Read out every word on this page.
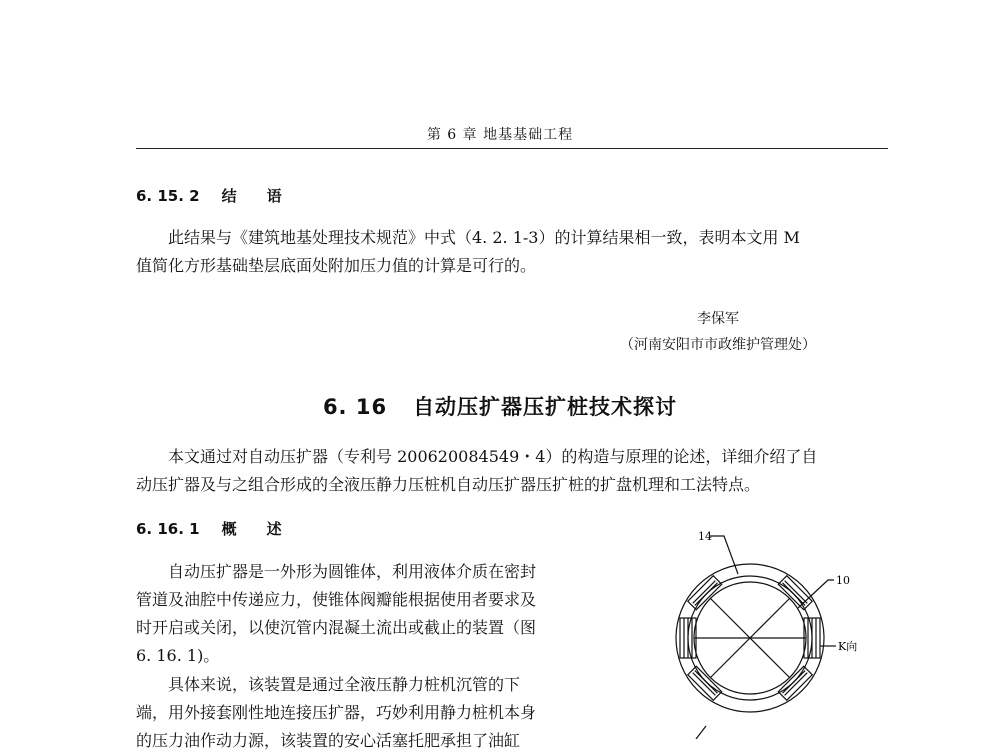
第 6 章 地基基础工程
6. 15. 2 结语

此结果与《建筑地基处理技术规范》中式（4. 2. 1-3）的计算结果相一致，表明本文用 M

值简化方形基础垫层底面处附加压力值的计算是可行的。

李保军
（河南安阳市市政维护管理处）
6. 16 自动压扩器压扩桩技术探讨

本文通过对自动压扩器（专利号 200620084549・4）的构造与原理的论述，详细介绍了自

动压扩器及与之组合形成的全液压静力压桩机自动压扩器压扩桩的扩盘机理和工法特点。

6. 16. 1 概述

自动压扩器是一外形为圆锥体，利用液体介质在密封

管道及油腔中传递应力，使锥体阀瓣能根据使用者要求及

时开启或关闭，以使沉管内混凝土流出或截止的装置（图

6. 16. 1)。

具体来说，该装置是通过全液压静力桩机沉管的下

端，用外接套刚性地连接压扩器，巧妙利用静力桩机本身

的压力油作动力源，该装置的安心活塞托肥承担了油缸

14
10
K向
